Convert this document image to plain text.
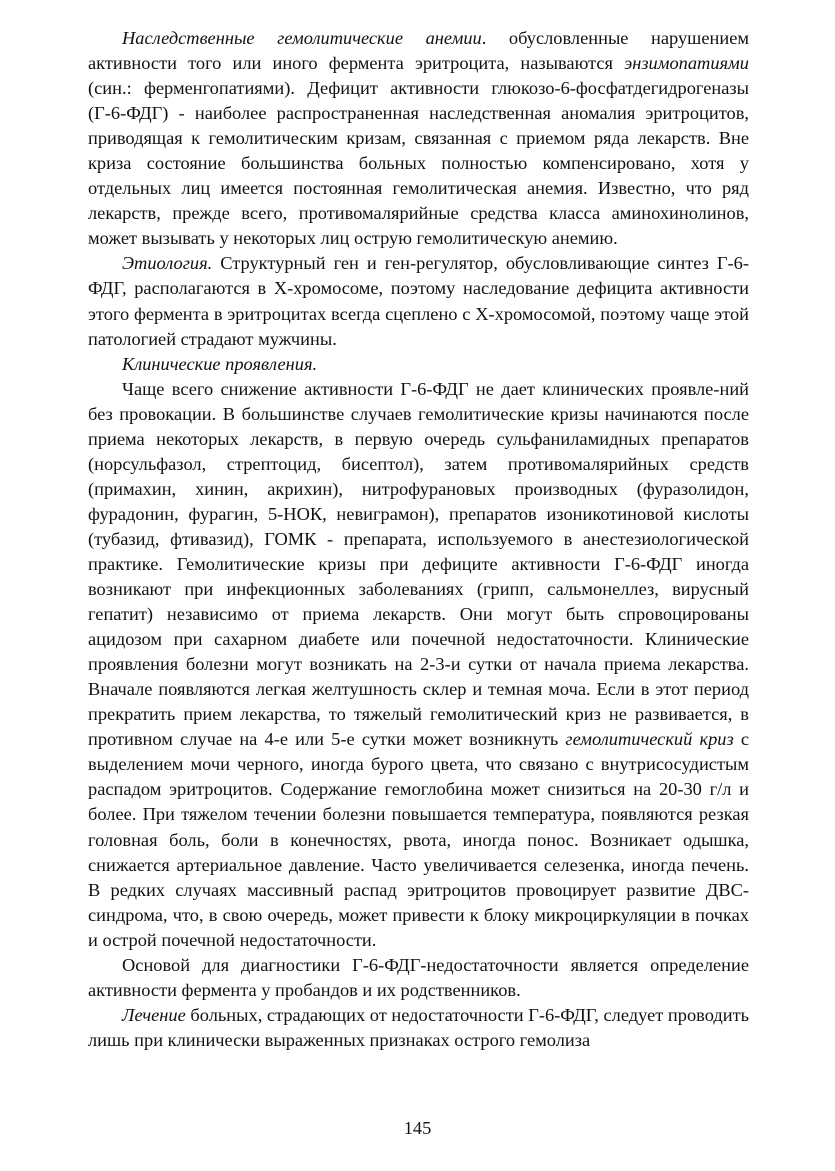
Наследственные гемолитические анемии. обусловленные нарушением активности того или иного фермента эритроцита, называются энзимопатиями (син.: ферменгопатиями). Дефицит активности глюкозо-6-фосфатдегидрогеназы (Г-6-ФДГ) - наиболее распространенная наследственная аномалия эритроцитов, приводящая к гемолитическим кризам, связанная с приемом ряда лекарств. Вне криза состояние большинства больных полностью компенсировано, хотя у отдельных лиц имеется постоянная гемолитическая анемия. Известно, что ряд лекарств, прежде всего, противомалярийные средства класса аминохинолинов, может вызывать у некоторых лиц острую гемолитическую анемию.

Этиология. Структурный ген и ген-регулятор, обусловливающие синтез Г-6-ФДГ, располагаются в Х-хромосоме, поэтому наследование дефицита активности этого фермента в эритроцитах всегда сцеплено с Х-хромосомой, поэтому чаще этой патологией страдают мужчины.

Клинические проявления.

Чаще всего снижение активности Г-6-ФДГ не дает клинических проявле-ний без провокации. В большинстве случаев гемолитические кризы начинаются после приема некоторых лекарств, в первую очередь сульфаниламидных препаратов (норсульфазол, стрептоцид, бисептол), затем противомалярийных средств (примахин, хинин, акрихин), нитрофурановых производных (фуразолидон, фурадонин, фурагин, 5-НОК, невиграмон), препаратов изоникотиновой кислоты (тубазид, фтивазид), ГОМК - препарата, используемого в анестезиологической практике. Гемолитические кризы при дефиците активности Г-6-ФДГ иногда возникают при инфекционных заболеваниях (грипп, сальмонеллез, вирусный гепатит) независимо от приема лекарств. Они могут быть спровоцированы ацидозом при сахарном диабете или почечной недостаточности. Клинические проявления болезни могут возникать на 2-3-и сутки от начала приема лекарства. Вначале появляются легкая желтушность склер и темная моча. Если в этот период прекратить прием лекарства, то тяжелый гемолитический криз не развивается, в противном случае на 4-е или 5-е сутки может возникнуть гемолитический криз с выделением мочи черного, иногда бурого цвета, что связано с внутрисосудистым распадом эритроцитов. Содержание гемоглобина может снизиться на 20-30 г/л и более. При тяжелом течении болезни повышается температура, появляются резкая головная боль, боли в конечностях, рвота, иногда понос. Возникает одышка, снижается артериальное давление. Часто увеличивается селезенка, иногда печень. В редких случаях массивный распад эритроцитов провоцирует развитие ДВС-синдрома, что, в свою очередь, может привести к блоку микроциркуляции в почках и острой почечной недостаточности.

Основой для диагностики Г-6-ФДГ-недостаточности является определение активности фермента у пробандов и их родственников.

Лечение больных, страдающих от недостаточности Г-6-ФДГ, следует проводить лишь при клинически выраженных признаках острого гемолиза

145
